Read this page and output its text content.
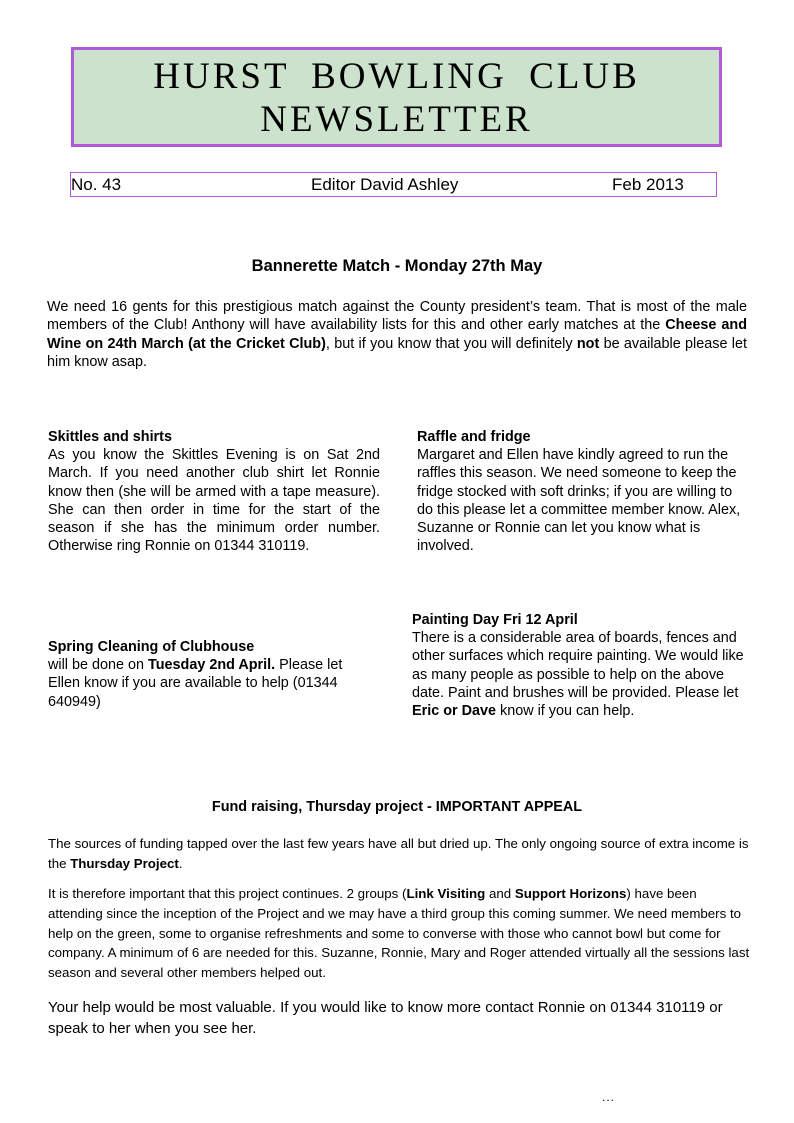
HURST BOWLING CLUB
NEWSLETTER
No. 43	Editor David Ashley	Feb 2013
Bannerette Match - Monday 27th May

We need 16 gents for this prestigious match against the County president’s team. That is most of the male members of the Club! Anthony will have availability lists for this and other early matches at the Cheese and Wine on 24th March (at the Cricket Club), but if you know that you will definitely not be available please let him know asap.

Skittles and shirts

As you know the Skittles Evening is on Sat 2nd March. If you need another club shirt let Ronnie know then (she will be armed with a tape measure). She can then order in time for the start of the season if she has the minimum order number. Otherwise ring Ronnie on 01344 310119.

Raffle and fridge

Margaret and Ellen have kindly agreed to run the raffles this season. We need someone to keep the fridge stocked with soft drinks; if you are willing to do this please let a committee member know. Alex, Suzanne or Ronnie can let you know what is involved.

Painting Day Fri 12 April

There is a considerable area of boards, fences and other surfaces which require painting. We would like as many people as possible to help on the above date. Paint and brushes will be provided. Please let Eric or Dave know if you can help.

Spring Cleaning of Clubhouse

will be done on Tuesday 2nd April. Please let Ellen know if you are available to help (01344 640949)

Fund raising, Thursday project - IMPORTANT APPEAL

The sources of funding tapped over the last few years have all but dried up. The only ongoing source of extra income is the Thursday Project.

It is therefore important that this project continues. 2 groups (Link Visiting and Support Horizons) have been attending since the inception of the Project and we may have a third group this coming summer. We need members to help on the green, some to organise refreshments and some to converse with those who cannot bowl but come for company. A minimum of 6 are needed for this. Suzanne, Ronnie, Mary and Roger attended virtually all the sessions last season and several other members helped out.

Your help would be most valuable. If you would like to know more contact Ronnie on 01344 310119 or speak to her when you see her.

...
